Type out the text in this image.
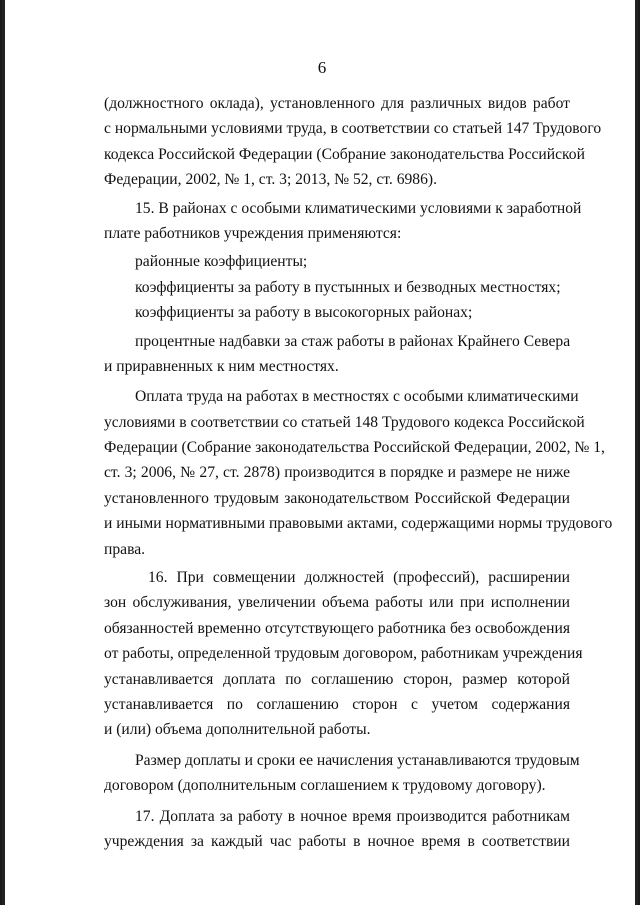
6
(должностного оклада), установленного для различных видов работ
с нормальными условиями труда, в соответствии со статьей 147 Трудового
кодекса Российской Федерации (Собрание законодательства Российской
Федерации, 2002, № 1, ст. 3; 2013, № 52, ст. 6986).
15. В районах с особыми климатическими условиями к заработной
плате работников учреждения применяются:
районные коэффициенты;
коэффициенты за работу в пустынных и безводных местностях;
коэффициенты за работу в высокогорных районах;
процентные надбавки за стаж работы в районах Крайнего Севера
и приравненных к ним местностях.
Оплата труда на работах в местностях с особыми климатическими
условиями в соответствии со статьей 148 Трудового кодекса Российской
Федерации (Собрание законодательства Российской Федерации, 2002, № 1,
ст. 3; 2006, № 27, ст. 2878) производится в порядке и размере не ниже
установленного трудовым законодательством Российской Федерации
и иными нормативными правовыми актами, содержащими нормы трудового
права.
16. При совмещении должностей (профессий), расширении
зон обслуживания, увеличении объема работы или при исполнении
обязанностей временно отсутствующего работника без освобождения
от работы, определенной трудовым договором, работникам учреждения
устанавливается доплата по соглашению сторон, размер которой
устанавливается по соглашению сторон с учетом содержания
и (или) объема дополнительной работы.
Размер доплаты и сроки ее начисления устанавливаются трудовым
договором (дополнительным соглашением к трудовому договору).
17. Доплата за работу в ночное время производится работникам
учреждения за каждый час работы в ночное время в соответствии
